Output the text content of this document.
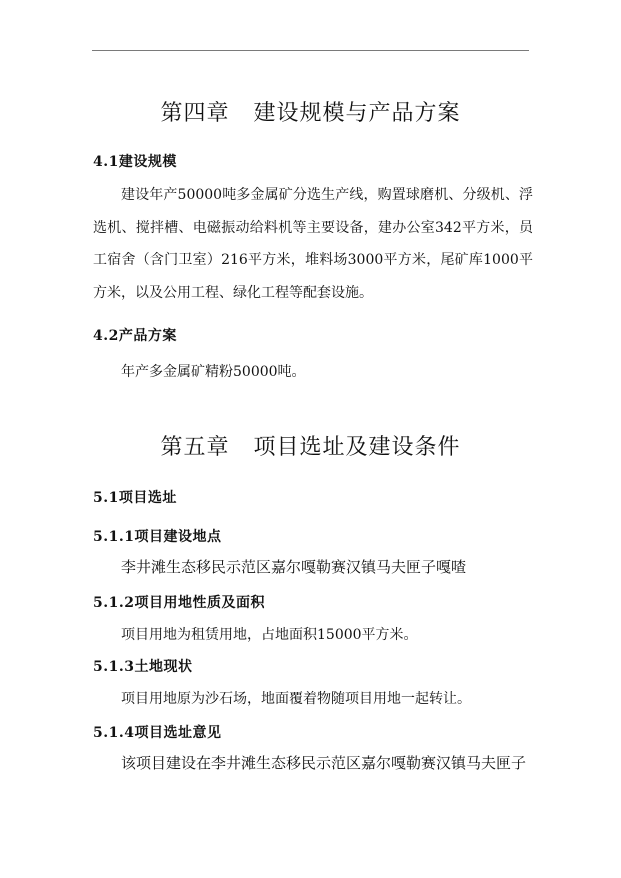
第四章 建设规模与产品方案
4.1建设规模
建设年产50000吨多金属矿分选生产线，购置球磨机、分级机、浮选机、搅拌槽、电磁振动给料机等主要设备，建办公室342平方米，员工宿舍（含门卫室）216平方米，堆料场3000平方米，尾矿库1000平方米，以及公用工程、绿化工程等配套设施。
4.2产品方案
年产多金属矿精粉50000吨。
第五章 项目选址及建设条件
5.1项目选址
5.1.1项目建设地点
李井滩生态移民示范区嘉尔嘎勒赛汉镇马夫匣子嘎喳
5.1.2项目用地性质及面积
项目用地为租赁用地，占地面积15000平方米。
5.1.3土地现状
项目用地原为沙石场，地面覆着物随项目用地一起转让。
5.1.4项目选址意见
该项目建设在李井滩生态移民示范区嘉尔嘎勒赛汉镇马夫匣子
